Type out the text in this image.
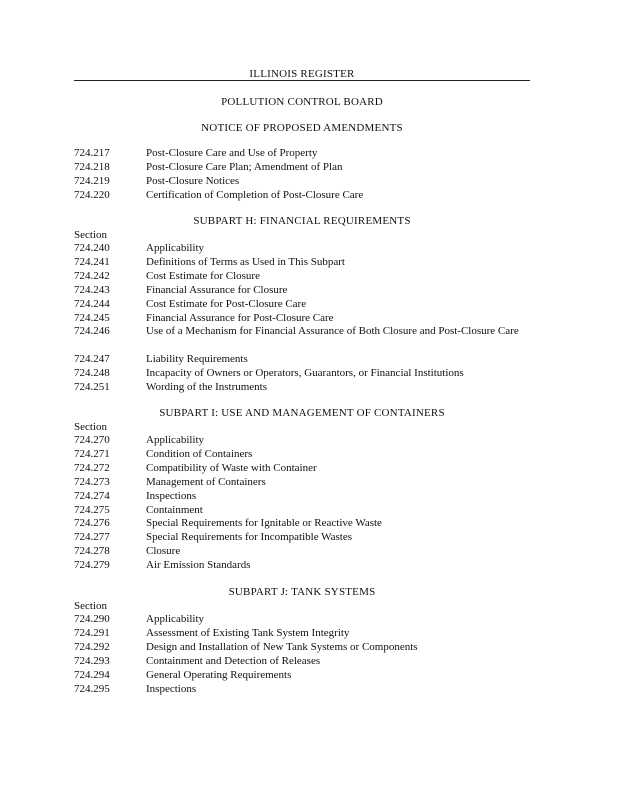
ILLINOIS REGISTER
POLLUTION CONTROL BOARD
NOTICE OF PROPOSED AMENDMENTS
724.217	Post-Closure Care and Use of Property
724.218	Post-Closure Care Plan; Amendment of Plan
724.219	Post-Closure Notices
724.220	Certification of Completion of Post-Closure Care
SUBPART H: FINANCIAL REQUIREMENTS
Section
724.240	Applicability
724.241	Definitions of Terms as Used in This Subpart
724.242	Cost Estimate for Closure
724.243	Financial Assurance for Closure
724.244	Cost Estimate for Post-Closure Care
724.245	Financial Assurance for Post-Closure Care
724.246	Use of a Mechanism for Financial Assurance of Both Closure and Post-Closure Care
724.247	Liability Requirements
724.248	Incapacity of Owners or Operators, Guarantors, or Financial Institutions
724.251	Wording of the Instruments
SUBPART I: USE AND MANAGEMENT OF CONTAINERS
Section
724.270	Applicability
724.271	Condition of Containers
724.272	Compatibility of Waste with Container
724.273	Management of Containers
724.274	Inspections
724.275	Containment
724.276	Special Requirements for Ignitable or Reactive Waste
724.277	Special Requirements for Incompatible Wastes
724.278	Closure
724.279	Air Emission Standards
SUBPART J: TANK SYSTEMS
Section
724.290	Applicability
724.291	Assessment of Existing Tank System Integrity
724.292	Design and Installation of New Tank Systems or Components
724.293	Containment and Detection of Releases
724.294	General Operating Requirements
724.295	Inspections
